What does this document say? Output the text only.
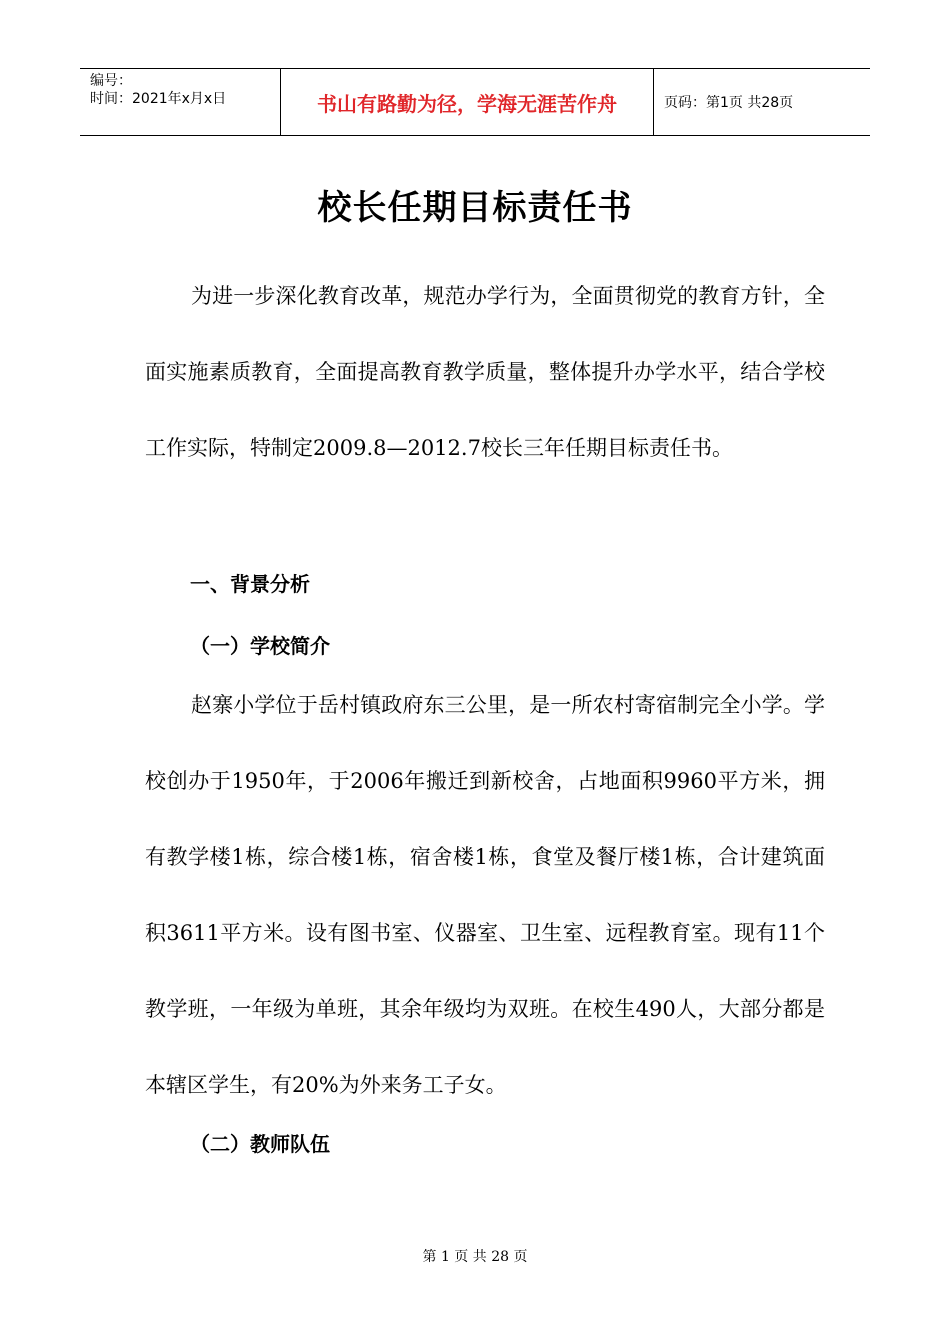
编号：
时间：2021年x月x日	书山有路勤为径，学海无涯苦作舟	页码：第1页 共28页
校长任期目标责任书

为进一步深化教育改革，规范办学行为，全面贯彻党的教育方针，全面实施素质教育，全面提高教育教学质量，整体提升办学水平，结合学校工作实际，特制定2009.8—2012.7校长三年任期目标责任书。

一、背景分析
（一）学校简介

赵寨小学位于岳村镇政府东三公里，是一所农村寄宿制完全小学。学校创办于1950年，于2006年搬迁到新校舍，占地面积9960平方米，拥有教学楼1栋，综合楼1栋，宿舍楼1栋，食堂及餐厅楼1栋，合计建筑面积3611平方米。设有图书室、仪器室、卫生室、远程教育室。现有11个教学班，一年级为单班，其余年级均为双班。在校生490人，大部分都是本辖区学生，有20%为外来务工子女。

（二）教师队伍
第 1 页 共 28 页
